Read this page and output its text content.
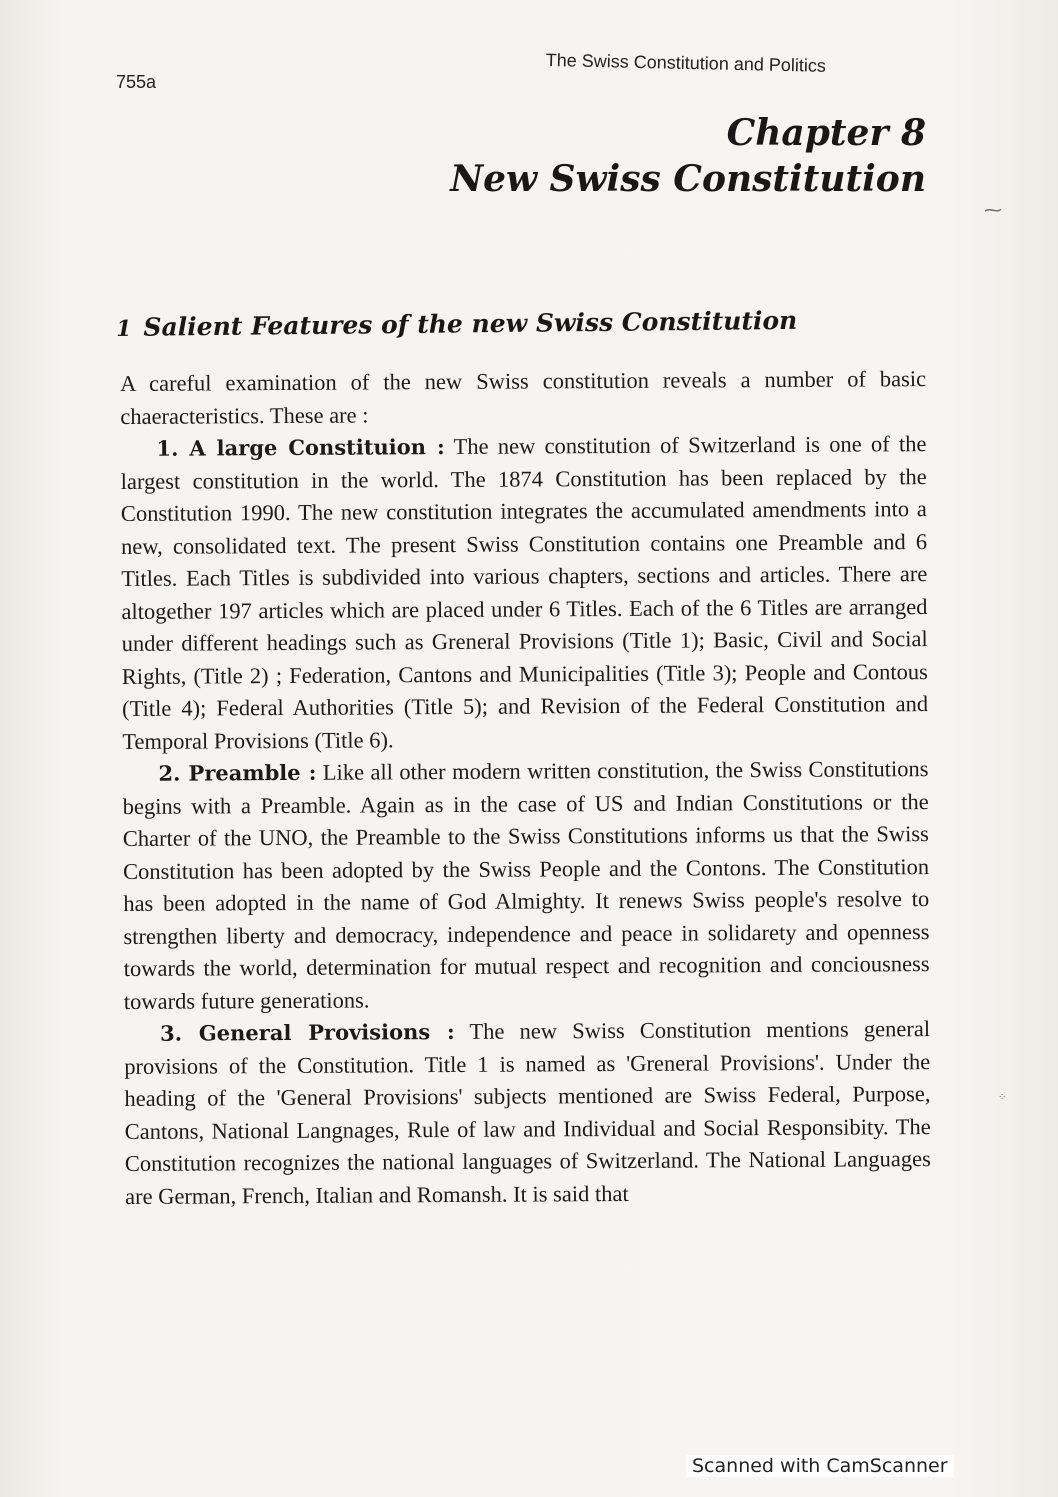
755a
The Swiss Constitution and Politics
Chapter 8
New Swiss Constitution
1 Salient Features of the new Swiss Constitution

A careful examination of the new Swiss constitution reveals a number of basic chaeracteristics. These are :

1. A large Constituion : The new constitution of Switzerland is one of the largest constitution in the world. The 1874 Constitution has been replaced by the Constitution 1990. The new constitution integrates the accumulated amendments into a new, consolidated text. The present Swiss Constitution contains one Preamble and 6 Titles. Each Titles is subdivided into various chapters, sections and articles. There are altogether 197 articles which are placed under 6 Titles. Each of the 6 Titles are arranged under different headings such as Greneral Provisions (Title 1); Basic, Civil and Social Rights, (Title 2) ; Federation, Cantons and Municipalities (Title 3); People and Contous (Title 4); Federal Authorities (Title 5); and Revision of the Federal Constitution and Temporal Provisions (Title 6).

2. Preamble : Like all other modern written constitution, the Swiss Constitutions begins with a Preamble. Again as in the case of US and Indian Constitutions or the Charter of the UNO, the Preamble to the Swiss Constitutions informs us that the Swiss Constitution has been adopted by the Swiss People and the Contons. The Constitution has been adopted in the name of God Almighty. It renews Swiss people's resolve to strengthen liberty and democracy, independence and peace in solidarety and openness towards the world, determination for mutual respect and recognition and conciousness towards future generations.

3. General Provisions : The new Swiss Constitution mentions general provisions of the Constitution. Title 1 is named as 'Greneral Provisions'. Under the heading of the 'General Provisions' subjects mentioned are Swiss Federal, Purpose, Cantons, National Langnages, Rule of law and Individual and Social Responsibity. The Constitution recognizes the national languages of Switzerland. The National Languages are German, French, Italian and Romansh. It is said that

⁓
⁘
Scanned with CamScanner
